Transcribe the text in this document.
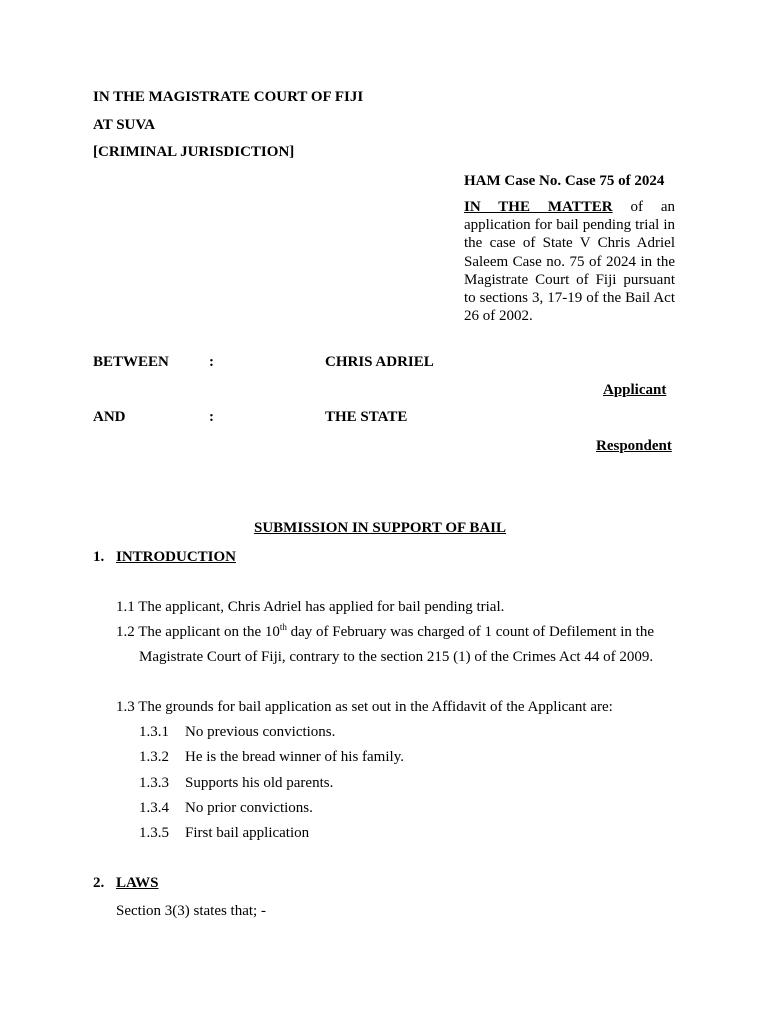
IN THE MAGISTRATE COURT OF FIJI
AT SUVA
[CRIMINAL JURISDICTION]
HAM Case No. Case 75 of 2024
IN THE MATTER of an application for bail pending trial in the case of State V Chris Adriel Saleem Case no. 75 of 2024 in the Magistrate Court of Fiji pursuant to sections 3, 17-19 of the Bail Act 26 of 2002.
BETWEEN	:	CHRIS ADRIEL
Applicant
AND	:	THE STATE
Respondent
SUBMISSION IN SUPPORT OF BAIL
1. INTRODUCTION
1.1 The applicant, Chris Adriel has applied for bail pending trial.
1.2 The applicant on the 10th day of February was charged of 1 count of Defilement in the
Magistrate Court of Fiji, contrary to the section 215 (1) of the Crimes Act 44 of 2009.
1.3 The grounds for bail application as set out in the Affidavit of the Applicant are:
1.3.1 No previous convictions.
1.3.2 He is the bread winner of his family.
1.3.3 Supports his old parents.
1.3.4 No prior convictions.
1.3.5 First bail application
2. LAWS
Section 3(3) states that; -
